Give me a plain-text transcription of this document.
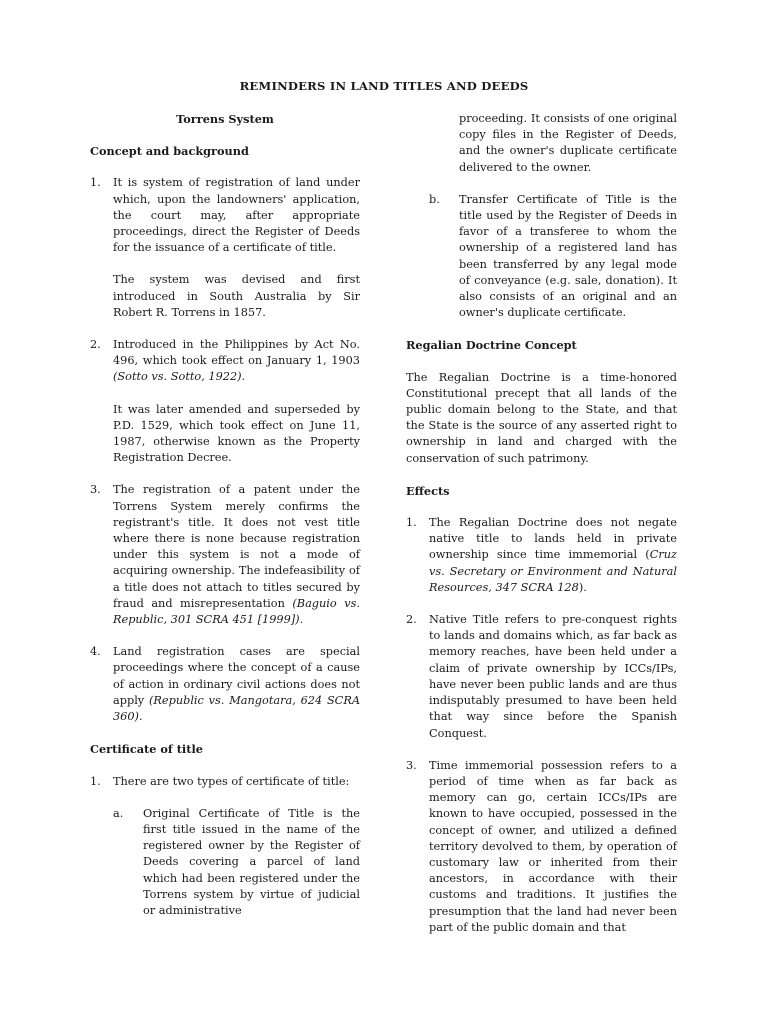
REMINDERS IN LAND TITLES AND DEEDS

Torrens System

Concept and background

1. It is system of registration of land under which, upon the landowners' application, the court may, after appropriate proceedings, direct the Register of Deeds for the issuance of a certificate of title.

The system was devised and first introduced in South Australia by Sir Robert R. Torrens in 1857.

2. Introduced in the Philippines by Act No. 496, which took effect on January 1, 1903 (Sotto vs. Sotto, 1922).

It was later amended and superseded by P.D. 1529, which took effect on June 11, 1987, otherwise known as the Property Registration Decree.

3. The registration of a patent under the Torrens System merely confirms the registrant's title. It does not vest title where there is none because registration under this system is not a mode of acquiring ownership. The indefeasibility of a title does not attach to titles secured by fraud and misrepresentation (Baguio vs. Republic, 301 SCRA 451 [1999]).

4. Land registration cases are special proceedings where the concept of a cause of action in ordinary civil actions does not apply (Republic vs. Mangotara, 624 SCRA 360).

Certificate of title

1. There are two types of certificate of title:

a. Original Certificate of Title is the first title issued in the name of the registered owner by the Register of Deeds covering a parcel of land which had been registered under the Torrens system by virtue of judicial or administrative

proceeding. It consists of one original copy files in the Register of Deeds, and the owner's duplicate certificate delivered to the owner.

b. Transfer Certificate of Title is the title used by the Register of Deeds in favor of a transferee to whom the ownership of a registered land has been transferred by any legal mode of conveyance (e.g. sale, donation). It also consists of an original and an owner's duplicate certificate.

Regalian Doctrine Concept

The Regalian Doctrine is a time-honored Constitutional precept that all lands of the public domain belong to the State, and that the State is the source of any asserted right to ownership in land and charged with the conservation of such patrimony.

Effects

1. The Regalian Doctrine does not negate native title to lands held in private ownership since time immemorial (Cruz vs. Secretary or Environment and Natural Resources, 347 SCRA 128).

2. Native Title refers to pre-conquest rights to lands and domains which, as far back as memory reaches, have been held under a claim of private ownership by ICCs/IPs, have never been public lands and are thus indisputably presumed to have been held that way since before the Spanish Conquest.

3. Time immemorial possession refers to a period of time when as far back as memory can go, certain ICCs/IPs are known to have occupied, possessed in the concept of owner, and utilized a defined territory devolved to them, by operation of customary law or inherited from their ancestors, in accordance with their customs and traditions. It justifies the presumption that the land had never been part of the public domain and that
